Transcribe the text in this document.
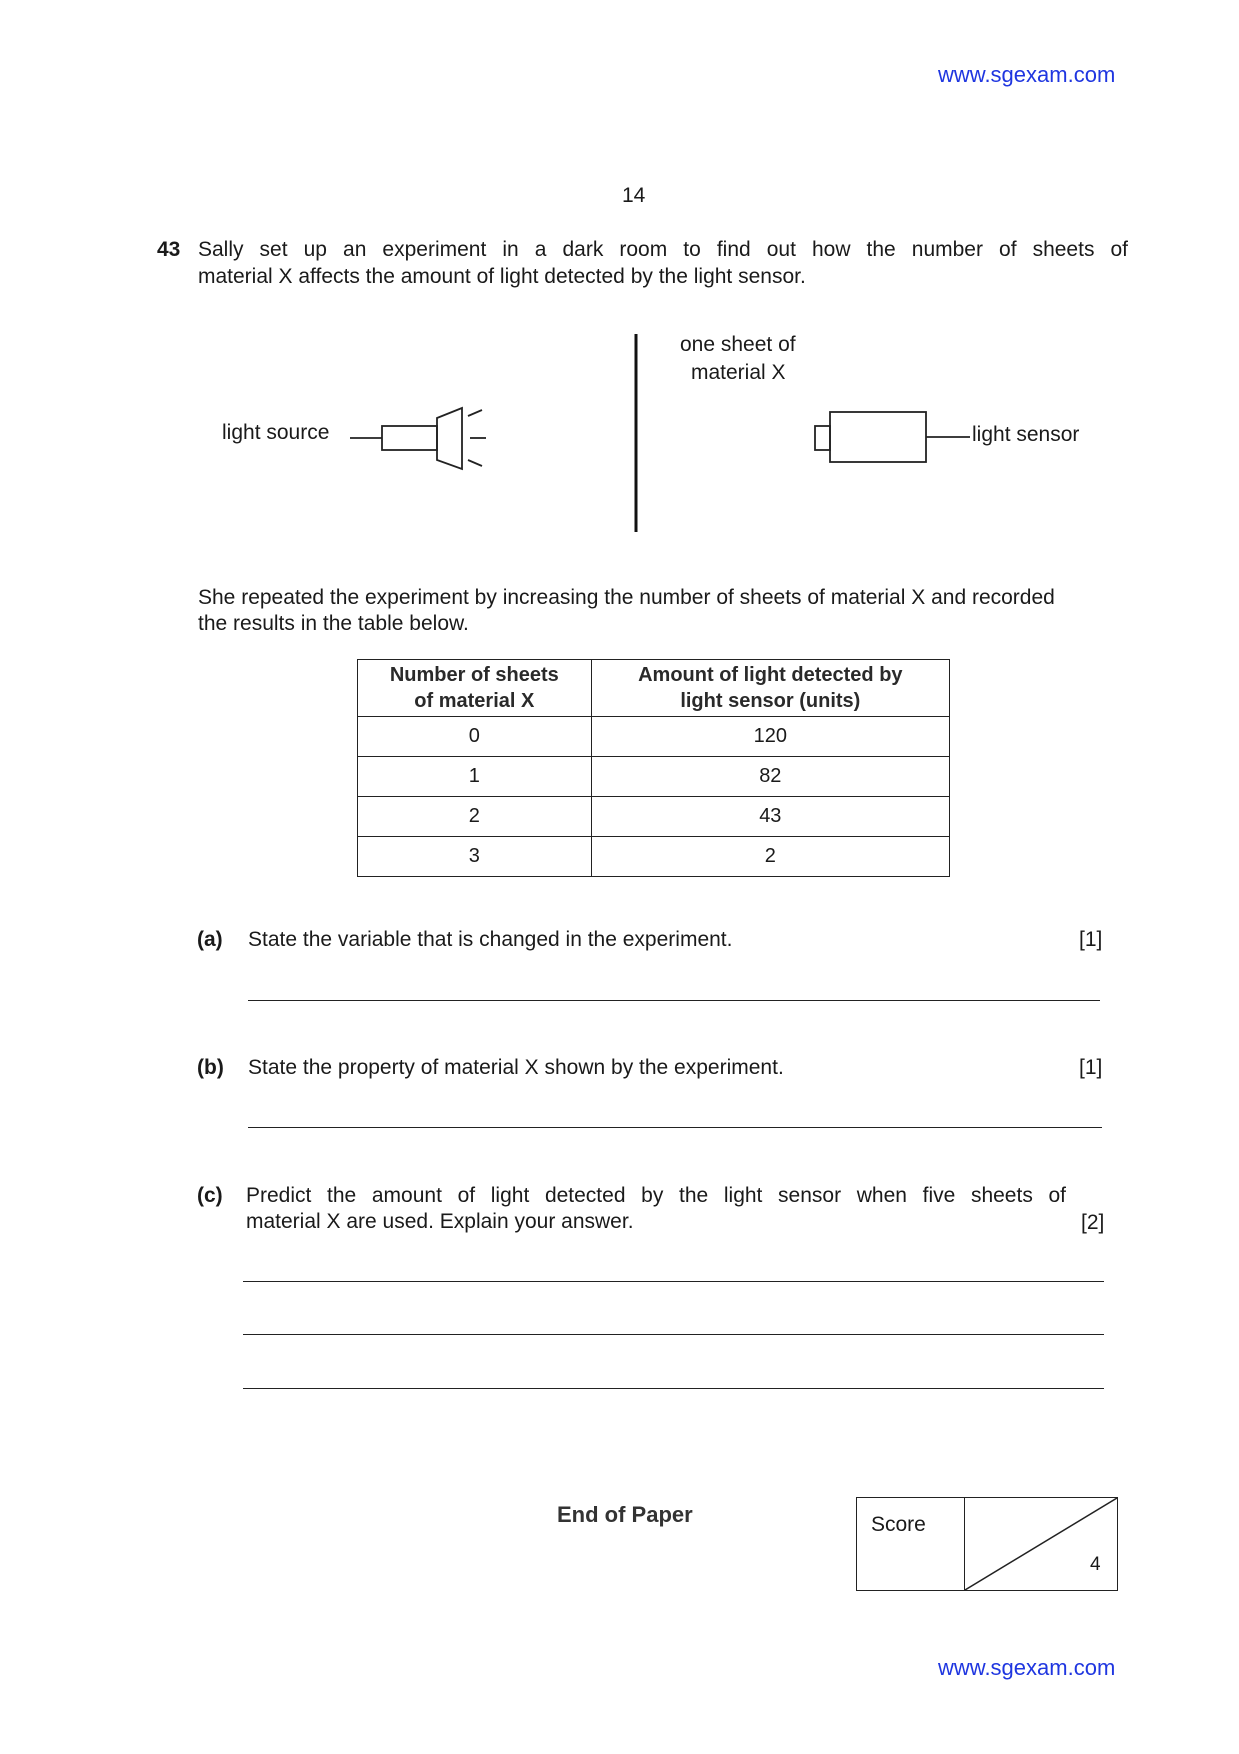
www.sgexam.com
14
43 Sally set up an experiment in a dark room to find out how the number of sheets of
material X affects the amount of light detected by the light sensor.
light source
one sheet of
material X
light sensor
She repeated the experiment by increasing the number of sheets of material X and recorded
the results in the table below.
Number of sheets
of material X	Amount of light detected by
light sensor (units)
0	120
1	82
2	43
3	2
(a) State the variable that is changed in the experiment.	[1]
(b) State the property of material X shown by the experiment.	[1]
(c) Predict the amount of light detected by the light sensor when five sheets of
material X are used. Explain your answer.	[2]
End of Paper	Score
4
www.sgexam.com
